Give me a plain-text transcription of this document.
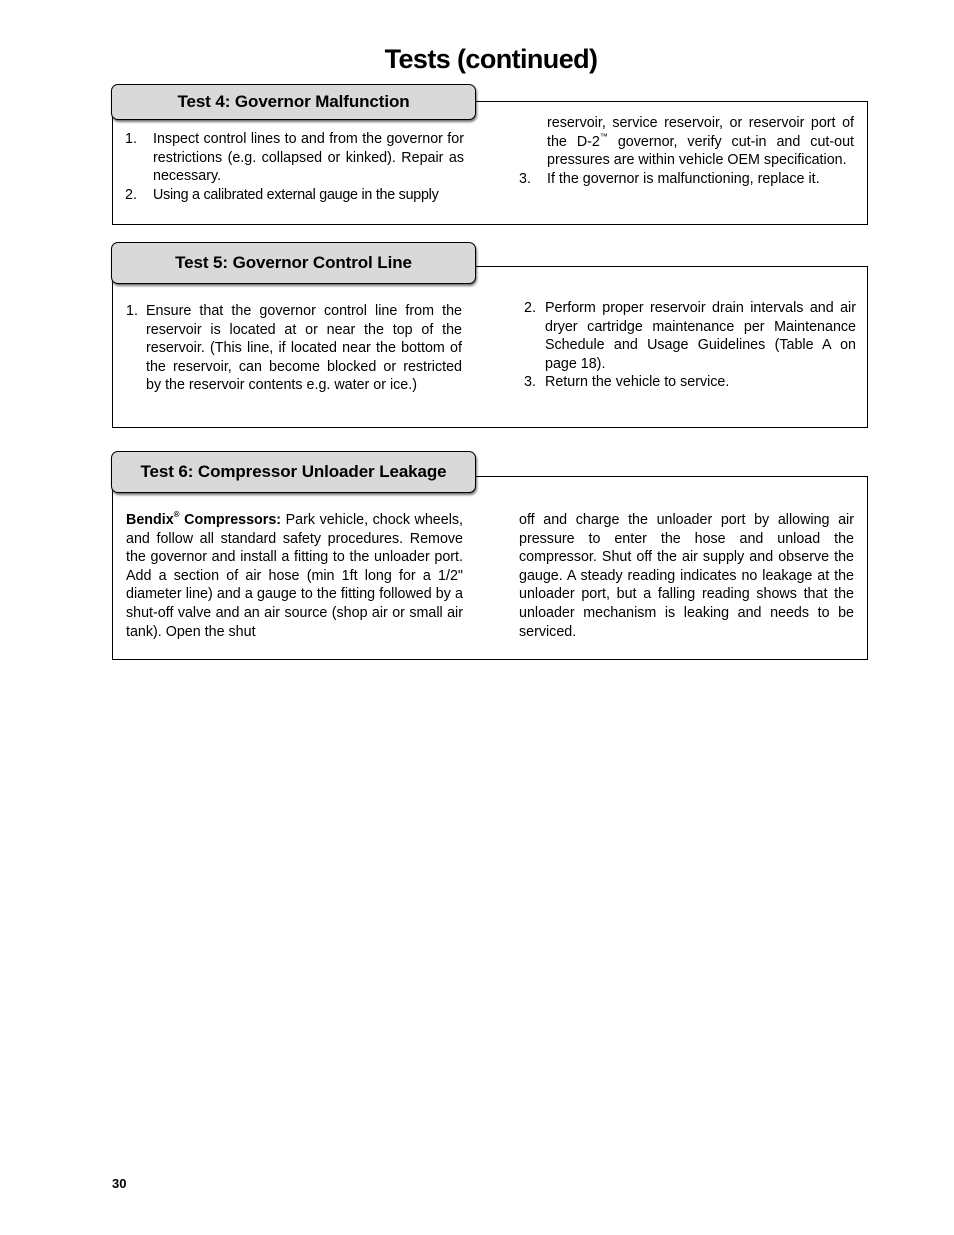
Tests (continued)
Test 4: Governor Malfunction
1. Inspect control lines to and from the governor for restrictions (e.g. collapsed or kinked). Repair as necessary.
2. Using a calibrated external gauge in the supply
reservoir, service reservoir, or reservoir port of the D-2™ governor, verify cut-in and cut-out pressures are within vehicle OEM specification.
3. If the governor is malfunctioning, replace it.
Test 5: Governor Control Line
1. Ensure that the governor control line from the reservoir is located at or near the top of the reservoir. (This line, if located near the bottom of the reservoir, can become blocked or restricted by the reservoir contents e.g. water or ice.)
2. Perform proper reservoir drain intervals and air dryer cartridge maintenance per Maintenance Schedule and Usage Guidelines (Table A on page 18).
3. Return the vehicle to service.
Test 6: Compressor Unloader Leakage
Bendix® Compressors: Park vehicle, chock wheels, and follow all standard safety procedures. Remove the governor and install a fitting to the unloader port. Add a section of air hose (min 1ft long for a 1/2" diameter line) and a gauge to the fitting followed by a shut-off valve and an air source (shop air or small air tank). Open the shut
off and charge the unloader port by allowing air pressure to enter the hose and unload the compressor. Shut off the air supply and observe the gauge. A steady reading indicates no leakage at the unloader port, but a falling reading shows that the unloader mechanism is leaking and needs to be serviced.
30
